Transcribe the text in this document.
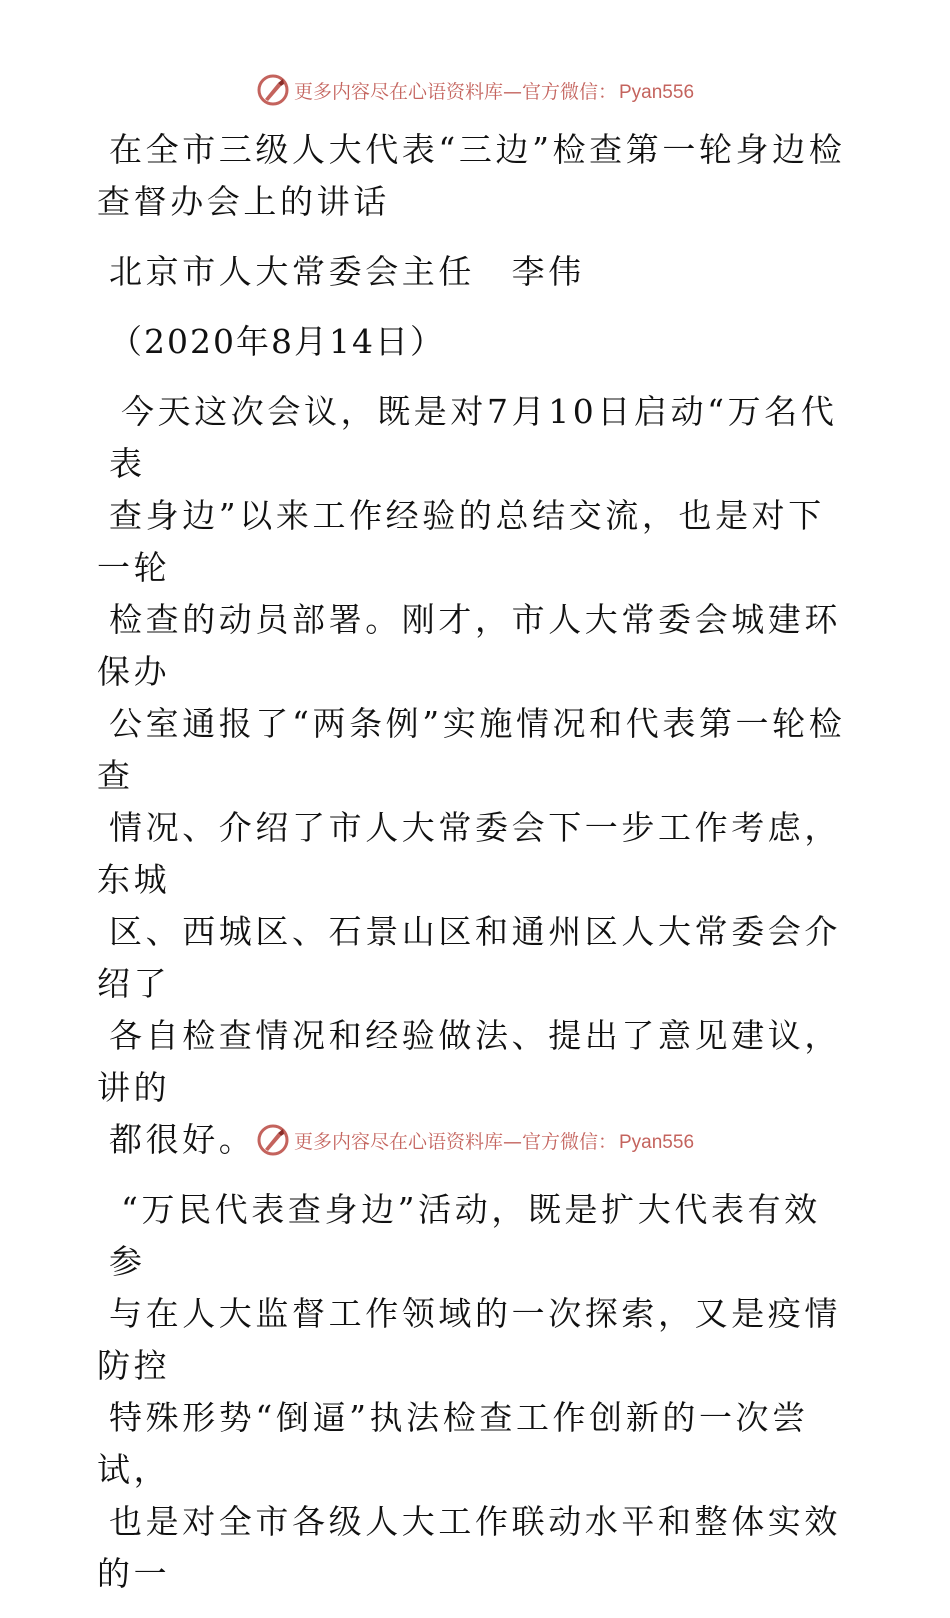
更多内容尽在心语资料库—官方微信： Pyan556
在全市三级人大代表“三边”检查第一轮身边检
查督办会上的讲话
北京市人大常委会主任　李伟
（2020年8月14日）
今天这次会议，既是对7月10日启动“万名代表
查身边”以来工作经验的总结交流，也是对下一轮
检查的动员部署。刚才，市人大常委会城建环保办
公室通报了“两条例”实施情况和代表第一轮检查
情况、介绍了市人大常委会下一步工作考虑，东城
区、西城区、石景山区和通州区人大常委会介绍了
各自检查情况和经验做法、提出了意见建议，讲的
都很好。
“万民代表查身边”活动，既是扩大代表有效参
与在人大监督工作领域的一次探索，又是疫情防控
特殊形势“倒逼”执法检查工作创新的一次尝试，
也是对全市各级人大工作联动水平和整体实效的一
更多内容尽在心语资料库—官方微信： Pyan556
